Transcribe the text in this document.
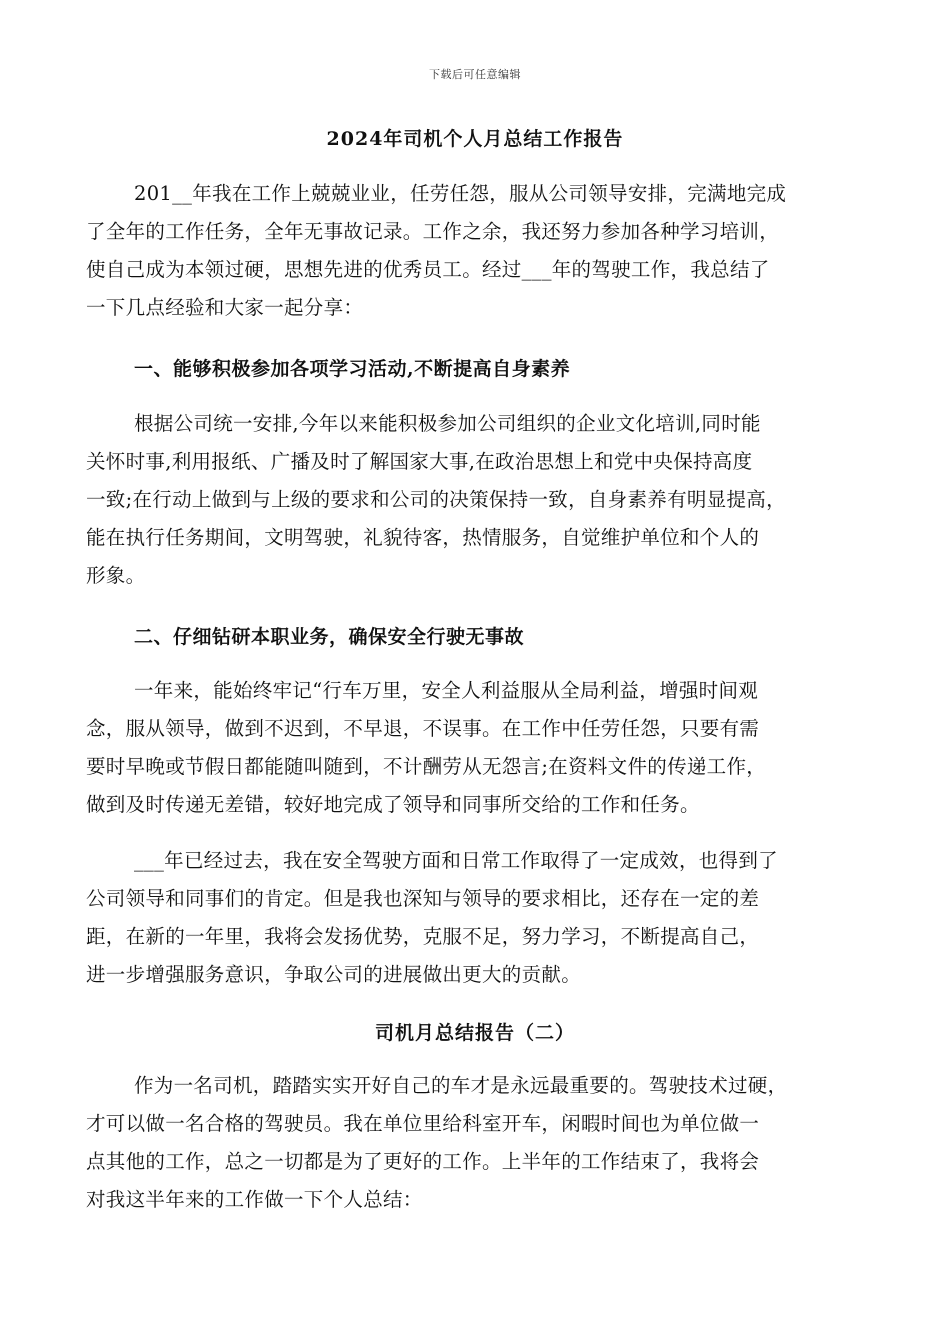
下载后可任意编辑
2024年司机个人月总结工作报告
201__年我在工作上兢兢业业，任劳任怨，服从公司领导安排，完满地完成
了全年的工作任务，全年无事故记录。工作之余，我还努力参加各种学习培训，
使自己成为本领过硬，思想先进的优秀员工。经过___年的驾驶工作，我总结了
一下几点经验和大家一起分享：
一、能够积极参加各项学习活动,不断提高自身素养
根据公司统一安排,今年以来能积极参加公司组织的企业文化培训,同时能
关怀时事,利用报纸、广播及时了解国家大事,在政治思想上和党中央保持高度
一致;在行动上做到与上级的要求和公司的决策保持一致，自身素养有明显提高，
能在执行任务期间，文明驾驶，礼貌待客，热情服务，自觉维护单位和个人的
形象。
二、仔细钻研本职业务，确保安全行驶无事故
一年来，能始终牢记“行车万里，安全人利益服从全局利益，增强时间观
念，服从领导，做到不迟到，不早退，不误事。在工作中任劳任怨，只要有需
要时早晚或节假日都能随叫随到，不计酬劳从无怨言;在资料文件的传递工作，
做到及时传递无差错，较好地完成了领导和同事所交给的工作和任务。
___年已经过去，我在安全驾驶方面和日常工作取得了一定成效，也得到了
公司领导和同事们的肯定。但是我也深知与领导的要求相比，还存在一定的差
距，在新的一年里，我将会发扬优势，克服不足，努力学习，不断提高自己，
进一步增强服务意识，争取公司的进展做出更大的贡献。
司机月总结报告（二）
作为一名司机，踏踏实实开好自己的车才是永远最重要的。驾驶技术过硬，
才可以做一名合格的驾驶员。我在单位里给科室开车，闲暇时间也为单位做一
点其他的工作，总之一切都是为了更好的工作。上半年的工作结束了，我将会
对我这半年来的工作做一下个人总结：
